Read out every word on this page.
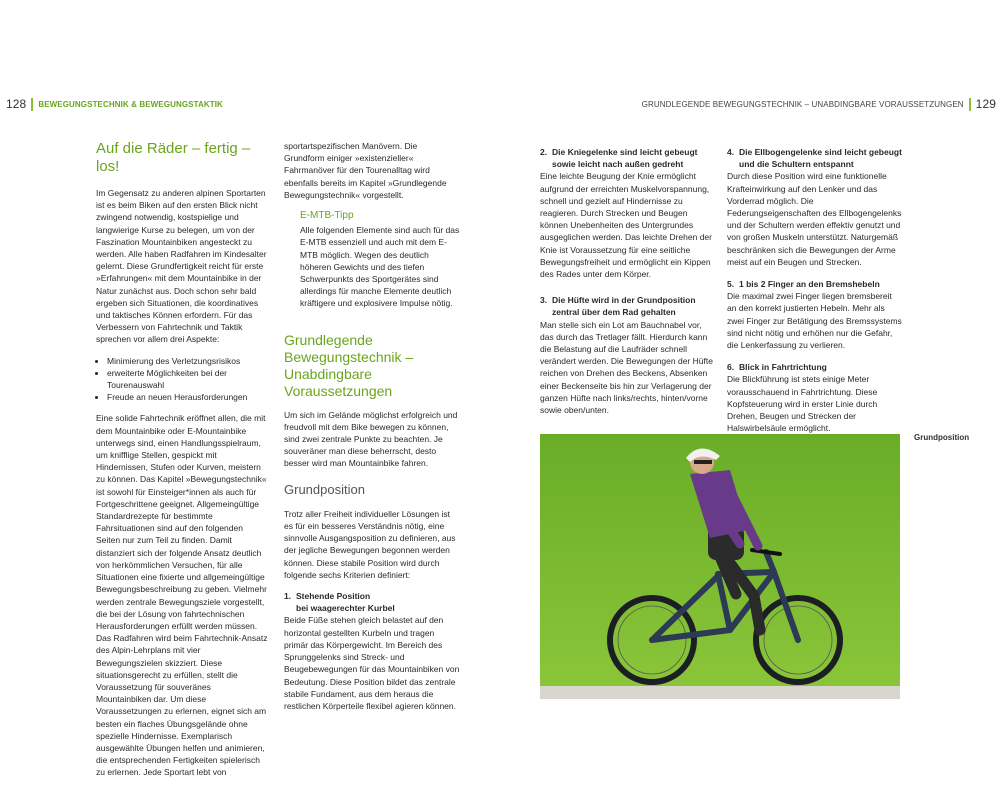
128 BEWEGUNGSTECHNIK & BEWEGUNGSTAKTIK	GRUNDLEGENDE BEWEGUNGSTECHNIK – UNABDINGBARE VORAUSSETZUNGEN 129
Auf die Räder – fertig – los!

Im Gegensatz zu anderen alpinen Sportarten ist es beim Biken auf den ersten Blick nicht zwingend notwendig, kostspielige und langwierige Kurse zu belegen, um von der Faszination Mountainbiken angesteckt zu werden. Alle haben Radfahren im Kindesalter gelernt. Diese Grundfertigkeit reicht für erste »Erfahrungen« mit dem Mountainbike in der Natur zunächst aus. Doch schon sehr bald ergeben sich Situationen, die koordinatives und taktisches Können erfordern. Für das Verbessern von Fahrtechnik und Taktik sprechen vor allem drei Aspekte:

• Minimierung des Verletzungsrisikos
• erweiterte Möglichkeiten bei der Tourenauswahl
• Freude an neuen Herausforderungen

Eine solide Fahrtechnik eröffnet allen, die mit dem Mountainbike oder E-Mountainbike unterwegs sind, einen Handlungsspielraum, um knifflige Stellen, gespickt mit Hindernissen, Stufen oder Kurven, meistern zu können. Das Kapitel »Bewegungstechnik« ist sowohl für Einsteiger*innen als auch für Fortgeschrittene geeignet. Allgemeingültige Standardrezepte für bestimmte Fahrsituationen sind auf den folgenden Seiten nur zum Teil zu finden. Damit distanziert sich der folgende Ansatz deutlich von herkömmlichen Versuchen, für alle Situationen eine fixierte und allgemeingültige Bewegungsbeschreibung zu geben. Vielmehr werden zentrale Bewegungsziele vorgestellt, die bei der Lösung von fahrtechnischen Herausforderungen erfüllt werden müssen. Das Radfahren wird beim Fahrtechnik-Ansatz des Alpin-Lehrplans mit vier Bewegungszielen skizziert. Diese situationsgerecht zu erfüllen, stellt die Voraussetzung für souveränes Mountainbiken dar. Um diese Voraussetzungen zu erlernen, eignet sich am besten ein flaches Übungsgelände ohne spezielle Hindernisse. Exemplarisch ausgewählte Übungen helfen und animieren, die entsprechenden Fertigkeiten spielerisch zu erlernen. Jede Sportart lebt von

sportartspezifischen Manövern. Die Grundform einiger »existenzieller« Fahrmanöver für den Tourenalltag wird ebenfalls bereits im Kapitel »Grundlegende Bewegungstechnik« vorgestellt.

E-MTB-Tipp
Alle folgenden Elemente sind auch für das E-MTB essenziell und auch mit dem E-MTB möglich. Wegen des deutlich höheren Gewichts und des tiefen Schwerpunkts des Sportgerätes sind allerdings für manche Elemente deutlich kräftigere und explosivere Impulse nötig.
Grundlegende Bewegungstechnik – Unabdingbare Voraussetzungen

Um sich im Gelände möglichst erfolgreich und freudvoll mit dem Bike bewegen zu können, sind zwei zentrale Punkte zu beachten. Je souveräner man diese beherrscht, desto besser wird man Mountainbike fahren.

Grundposition

Trotz aller Freiheit individueller Lösungen ist es für ein besseres Verständnis nötig, eine sinnvolle Ausgangsposition zu definieren, aus der jegliche Bewegungen begonnen werden können. Diese stabile Position wird durch folgende sechs Kriterien definiert:

1. Stehende Position
bei waagerechter Kurbel
Beide Füße stehen gleich belastet auf den horizontal gestellten Kurbeln und tragen primär das Körpergewicht. Im Bereich des Sprunggelenks sind Streck- und Beugebewegungen für das Mountainbiken von Bedeutung. Diese Position bildet das zentrale stabile Fundament, aus dem heraus die restlichen Körperteile flexibel agieren können.
2. Die Kniegelenke sind leicht gebeugt
sowie leicht nach außen gedreht
Eine leichte Beugung der Knie ermöglicht aufgrund der erreichten Muskelvorspannung, schnell und gezielt auf Hindernisse zu reagieren. Durch Strecken und Beugen können Unebenheiten des Untergrundes ausgeglichen werden. Das leichte Drehen der Knie ist Voraussetzung für eine seitliche Bewegungsfreiheit und ermöglicht ein Kippen des Rades unter dem Körper.
3. Die Hüfte wird in der Grundposition
zentral über dem Rad gehalten
Man stelle sich ein Lot am Bauchnabel vor, das durch das Tretlager fällt. Hierdurch kann die Belastung auf die Laufräder schnell verändert werden. Die Bewegungen der Hüfte reichen von Drehen des Beckens, Absenken einer Beckenseite bis hin zur Verlagerung der ganzen Hüfte nach links/rechts, hinten/vorne sowie oben/unten.
4. Die Ellbogengelenke sind leicht gebeugt
und die Schultern entspannt
Durch diese Position wird eine funktionelle Krafteinwirkung auf den Lenker und das Vorderrad möglich. Die Federungseigenschaften des Ellbogengelenks und der Schultern werden effektiv genutzt und von großen Muskeln unterstützt. Naturgemäß beschränken sich die Bewegungen der Arme meist auf ein Beugen und Strecken.
5. 1 bis 2 Finger an den Bremshebeln
Die maximal zwei Finger liegen bremsbereit an den korrekt justierten Hebeln. Mehr als zwei Finger zur Betätigung des Bremssystems sind nicht nötig und erhöhen nur die Gefahr, die Lenkerfassung zu verlieren.
6. Blick in Fahrtrichtung
Die Blickführung ist stets einige Meter vorausschauend in Fahrtrichtung. Diese Kopfsteuerung wird in erster Linie durch Drehen, Beugen und Strecken der Halswirbelsäule ermöglicht.
Grundposition
